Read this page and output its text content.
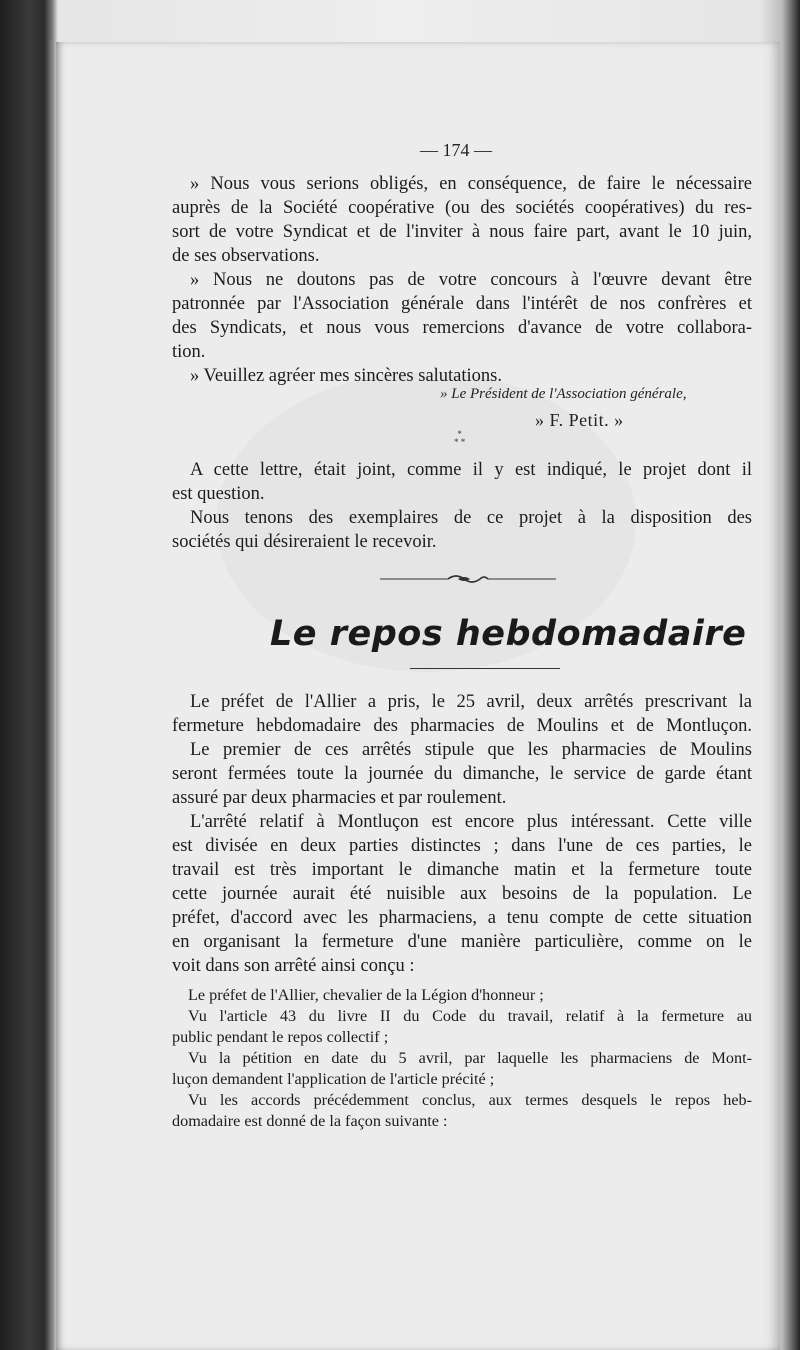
— 174 —
» Nous vous serions obligés, en conséquence, de faire le nécessaire
auprès de la Société coopérative (ou des sociétés coopératives) du res-
sort de votre Syndicat et de l'inviter à nous faire part, avant le 10 juin,
de ses observations.
» Nous ne doutons pas de votre concours à l'œuvre devant être
patronnée par l'Association générale dans l'intérêt de nos confrères et
des Syndicats, et nous vous remercions d'avance de votre collabora-
tion.
» Veuillez agréer mes sincères salutations.
» Le Président de l'Association générale,
» F. Petit. »
*
* *
A cette lettre, était joint, comme il y est indiqué, le projet dont il
est question.
Nous tenons des exemplaires de ce projet à la disposition des
sociétés qui désireraient le recevoir.
Le repos hebdomadaire
Le préfet de l'Allier a pris, le 25 avril, deux arrêtés prescrivant la
fermeture hebdomadaire des pharmacies de Moulins et de Montluçon.
Le premier de ces arrêtés stipule que les pharmacies de Moulins
seront fermées toute la journée du dimanche, le service de garde étant
assuré par deux pharmacies et par roulement.
L'arrêté relatif à Montluçon est encore plus intéressant. Cette ville
est divisée en deux parties distinctes ; dans l'une de ces parties, le
travail est très important le dimanche matin et la fermeture toute
cette journée aurait été nuisible aux besoins de la population. Le
préfet, d'accord avec les pharmaciens, a tenu compte de cette situation
en organisant la fermeture d'une manière particulière, comme on le
voit dans son arrêté ainsi conçu :
Le préfet de l'Allier, chevalier de la Légion d'honneur ;
Vu l'article 43 du livre II du Code du travail, relatif à la fermeture au
public pendant le repos collectif ;
Vu la pétition en date du 5 avril, par laquelle les pharmaciens de Mont-
luçon demandent l'application de l'article précité ;
Vu les accords précédemment conclus, aux termes desquels le repos heb-
domadaire est donné de la façon suivante :
